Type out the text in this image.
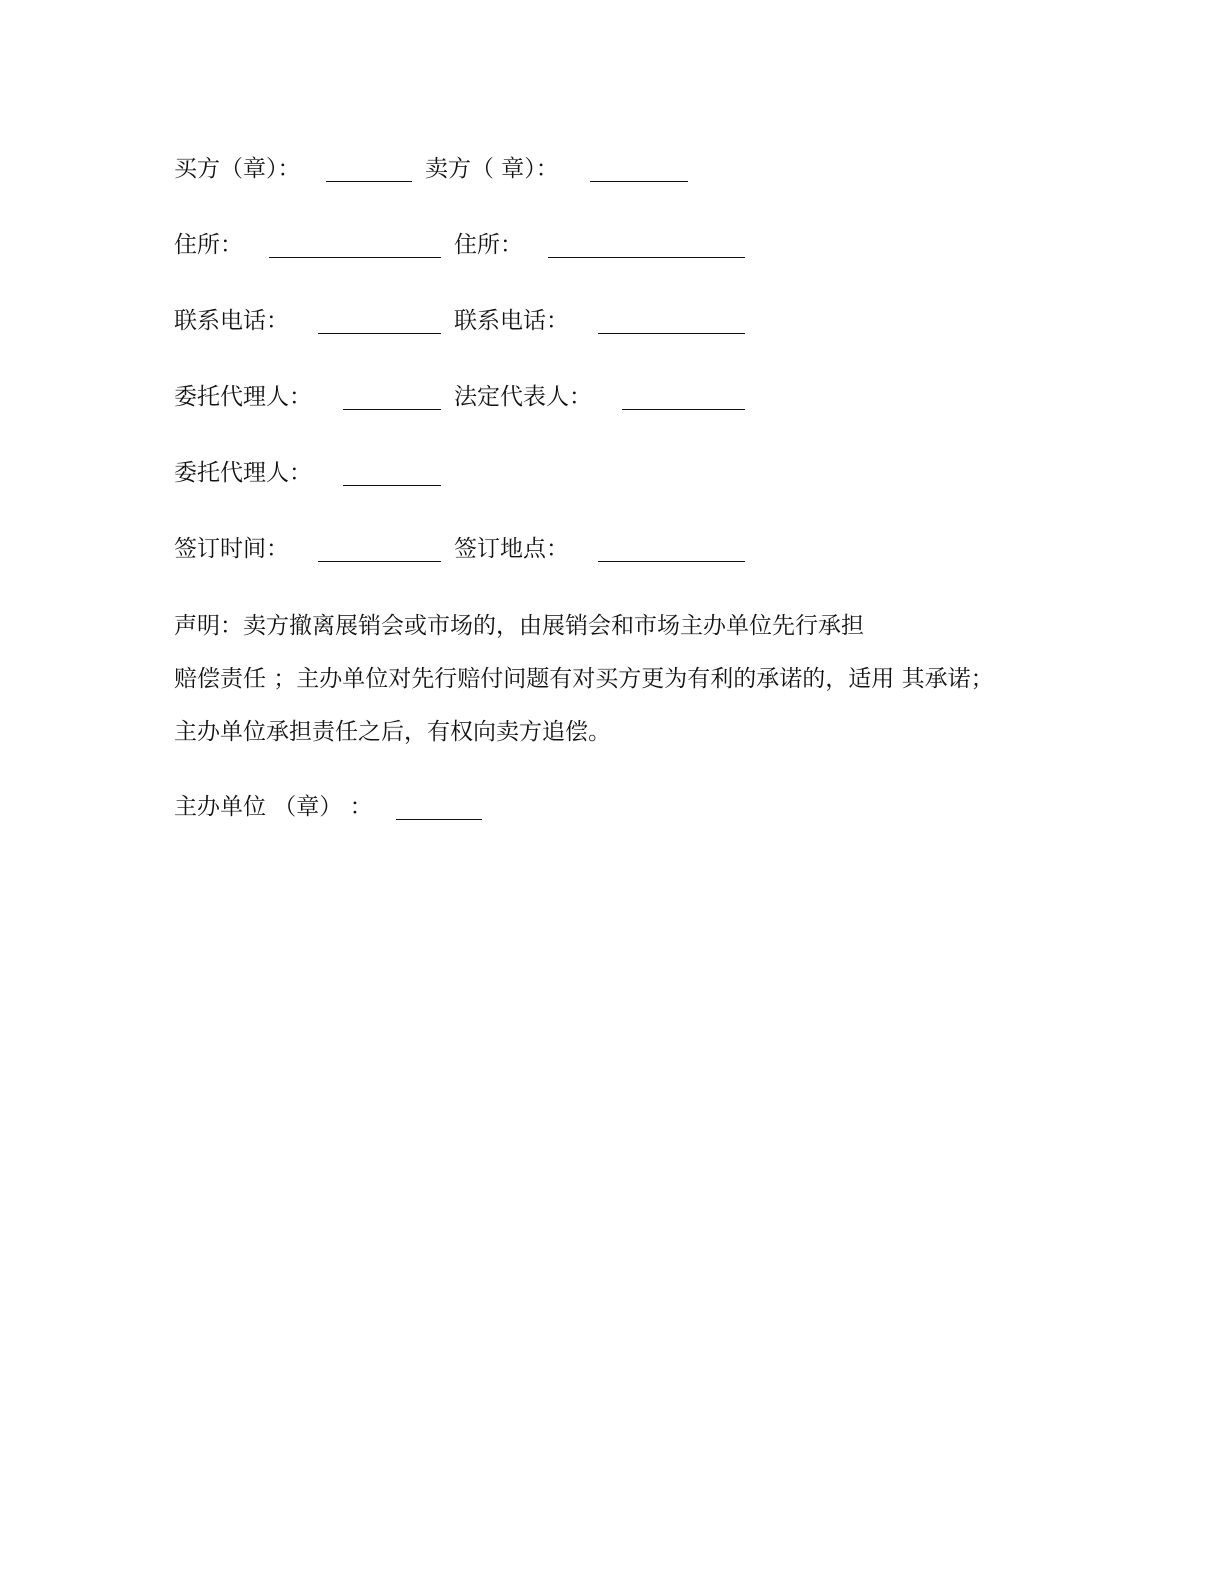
买方（章）：	卖方（ 章）：
住所：	住所：
联系电话：	联系电话：
委托代理人：	法定代表人：
委托代理人：
签订时间：	签订地点：
声明：卖方撤离展销会或市场的，由展销会和市场主办单位先行承担
赔偿责任 ；主办单位对先行赔付问题有对买方更为有利的承诺的，适用 其承诺；
主办单位承担责任之后，有权向卖方追偿。
主办单位 （章） ：
